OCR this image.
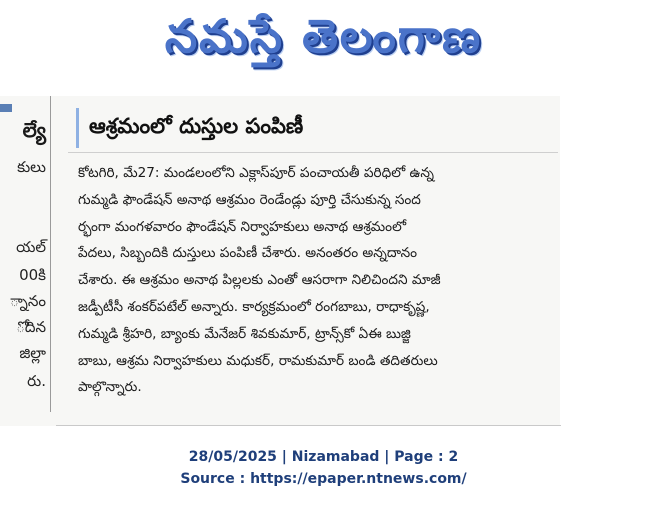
నమస్తే తెలంగాణ
ల్యే
కులు
యల్
00కి
్నానం
ోదిన
జిల్లా
రు.
ఆశ్రమంలో దుస్తుల పంపిణీ
కోటగిరి, మే27: మండలంలోని ఎక్లాస్‌పూర్ పంచాయతీ పరిధిలో ఉన్న
గుమ్మడి ఫౌండేషన్ అనాథ ఆశ్రమం రెండేండ్లు పూర్తి చేసుకున్న సంద
ర్భంగా మంగళవారం ఫౌండేషన్ నిర్వాహకులు అనాథ ఆశ్రమంలో
పేదలు, సిబ్బందికి దుస్తులు పంపిణీ చేశారు. అనంతరం అన్నదానం
చేశారు. ఈ ఆశ్రమం అనాథ పిల్లలకు ఎంతో ఆసరాగా నిలిచిందని మాజీ
జడ్పీటీసీ శంకర్‌పటేల్ అన్నారు. కార్యక్రమంలో రంగబాబు, రాధాకృష్ణ,
గుమ్మడి శ్రీహరి, బ్యాంకు మేనేజర్ శివకుమార్, ట్రాన్స్‌కో ఏఈ బుజ్జి
బాబు, ఆశ్రమ నిర్వాహకులు మధుకర్, రామకుమార్ బండి తదితరులు
పాల్గొన్నారు.
28/05/2025 | Nizamabad | Page : 2
Source : https://epaper.ntnews.com/
